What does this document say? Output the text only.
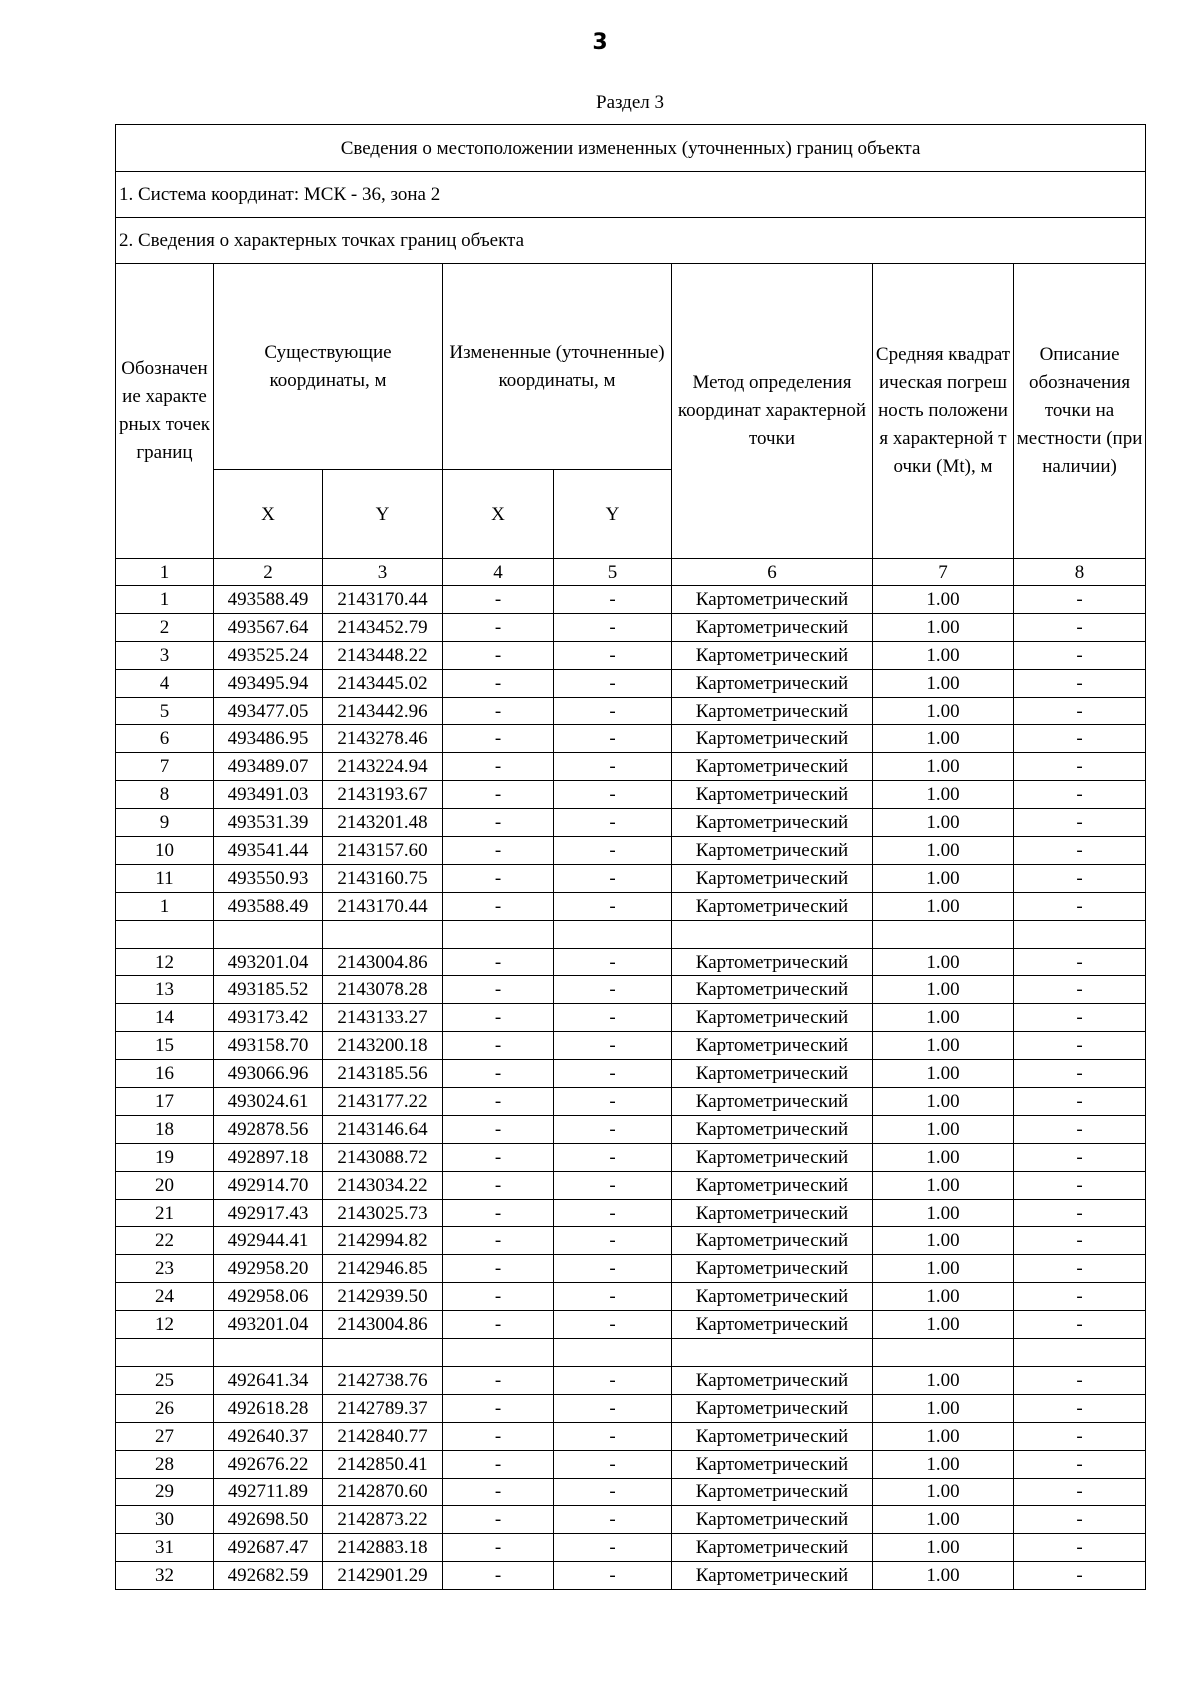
3
Раздел 3
Сведения о местоположении измененных (уточненных) границ объекта							
1. Система координат: МСК - 36, зона 2							
2. Сведения о характерных точках границ объекта							
Обозначение характерных точек границ	Существующие координаты, м		Измененные (уточненные) координаты, м		Метод определения координат характерной точки	Средняя квадратическая погрешность положения характерной точки (Mt), м	Описание обозначения точки на местности (при наличии)
	X	Y	X	Y			
1	2	3	4	5	6	7	8
1	493588.49	2143170.44	-	-	Картометрический	1.00	-
2	493567.64	2143452.79	-	-	Картометрический	1.00	-
3	493525.24	2143448.22	-	-	Картометрический	1.00	-
4	493495.94	2143445.02	-	-	Картометрический	1.00	-
5	493477.05	2143442.96	-	-	Картометрический	1.00	-
6	493486.95	2143278.46	-	-	Картометрический	1.00	-
7	493489.07	2143224.94	-	-	Картометрический	1.00	-
8	493491.03	2143193.67	-	-	Картометрический	1.00	-
9	493531.39	2143201.48	-	-	Картометрический	1.00	-
10	493541.44	2143157.60	-	-	Картометрический	1.00	-
11	493550.93	2143160.75	-	-	Картометрический	1.00	-
1	493588.49	2143170.44	-	-	Картометрический	1.00	-

12	493201.04	2143004.86	-	-	Картометрический	1.00	-
13	493185.52	2143078.28	-	-	Картометрический	1.00	-
14	493173.42	2143133.27	-	-	Картометрический	1.00	-
15	493158.70	2143200.18	-	-	Картометрический	1.00	-
16	493066.96	2143185.56	-	-	Картометрический	1.00	-
17	493024.61	2143177.22	-	-	Картометрический	1.00	-
18	492878.56	2143146.64	-	-	Картометрический	1.00	-
19	492897.18	2143088.72	-	-	Картометрический	1.00	-
20	492914.70	2143034.22	-	-	Картометрический	1.00	-
21	492917.43	2143025.73	-	-	Картометрический	1.00	-
22	492944.41	2142994.82	-	-	Картометрический	1.00	-
23	492958.20	2142946.85	-	-	Картометрический	1.00	-
24	492958.06	2142939.50	-	-	Картометрический	1.00	-
12	493201.04	2143004.86	-	-	Картометрический	1.00	-

25	492641.34	2142738.76	-	-	Картометрический	1.00	-
26	492618.28	2142789.37	-	-	Картометрический	1.00	-
27	492640.37	2142840.77	-	-	Картометрический	1.00	-
28	492676.22	2142850.41	-	-	Картометрический	1.00	-
29	492711.89	2142870.60	-	-	Картометрический	1.00	-
30	492698.50	2142873.22	-	-	Картометрический	1.00	-
31	492687.47	2142883.18	-	-	Картометрический	1.00	-
32	492682.59	2142901.29	-	-	Картометрический	1.00	-
